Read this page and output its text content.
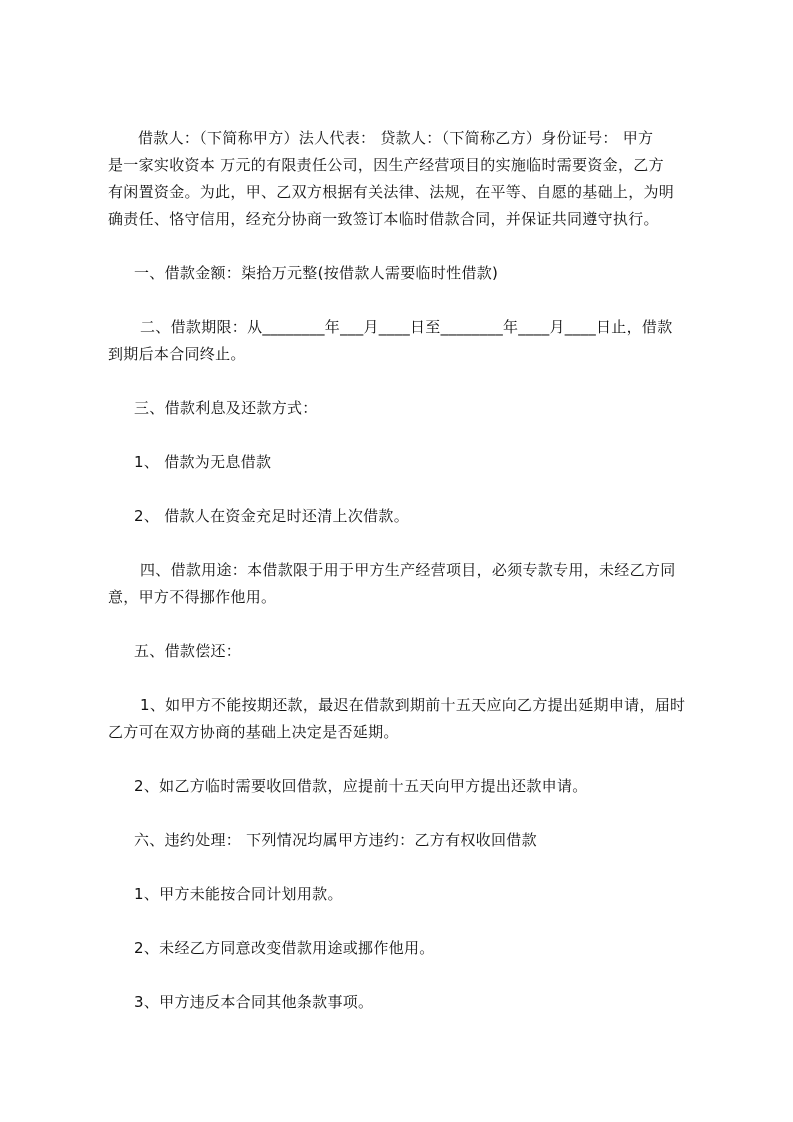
借款人：（下简称甲方）法人代表： 贷款人：（下简称乙方）身份证号： 甲方
是一家实收资本 万元的有限责任公司，因生产经营项目的实施临时需要资金，乙方
有闲置资金。为此，甲、乙双方根据有关法律、法规，在平等、自愿的基础上，为明
确责任、恪守信用，经充分协商一致签订本临时借款合同，并保证共同遵守执行。
一、借款金额：柒拾万元整(按借款人需要临时性借款)
二、借款期限：从________年___月____日至________年____月____日止，借款
到期后本合同终止。
三、借款利息及还款方式：
1、 借款为无息借款
2、 借款人在资金充足时还清上次借款。
四、借款用途：本借款限于用于甲方生产经营项目，必须专款专用，未经乙方同
意，甲方不得挪作他用。
五、借款偿还：
1、如甲方不能按期还款，最迟在借款到期前十五天应向乙方提出延期申请，届时
乙方可在双方协商的基础上决定是否延期。
2、如乙方临时需要收回借款，应提前十五天向甲方提出还款申请。
六、违约处理： 下列情况均属甲方违约：乙方有权收回借款
1、甲方未能按合同计划用款。
2、未经乙方同意改变借款用途或挪作他用。
3、甲方违反本合同其他条款事项。
